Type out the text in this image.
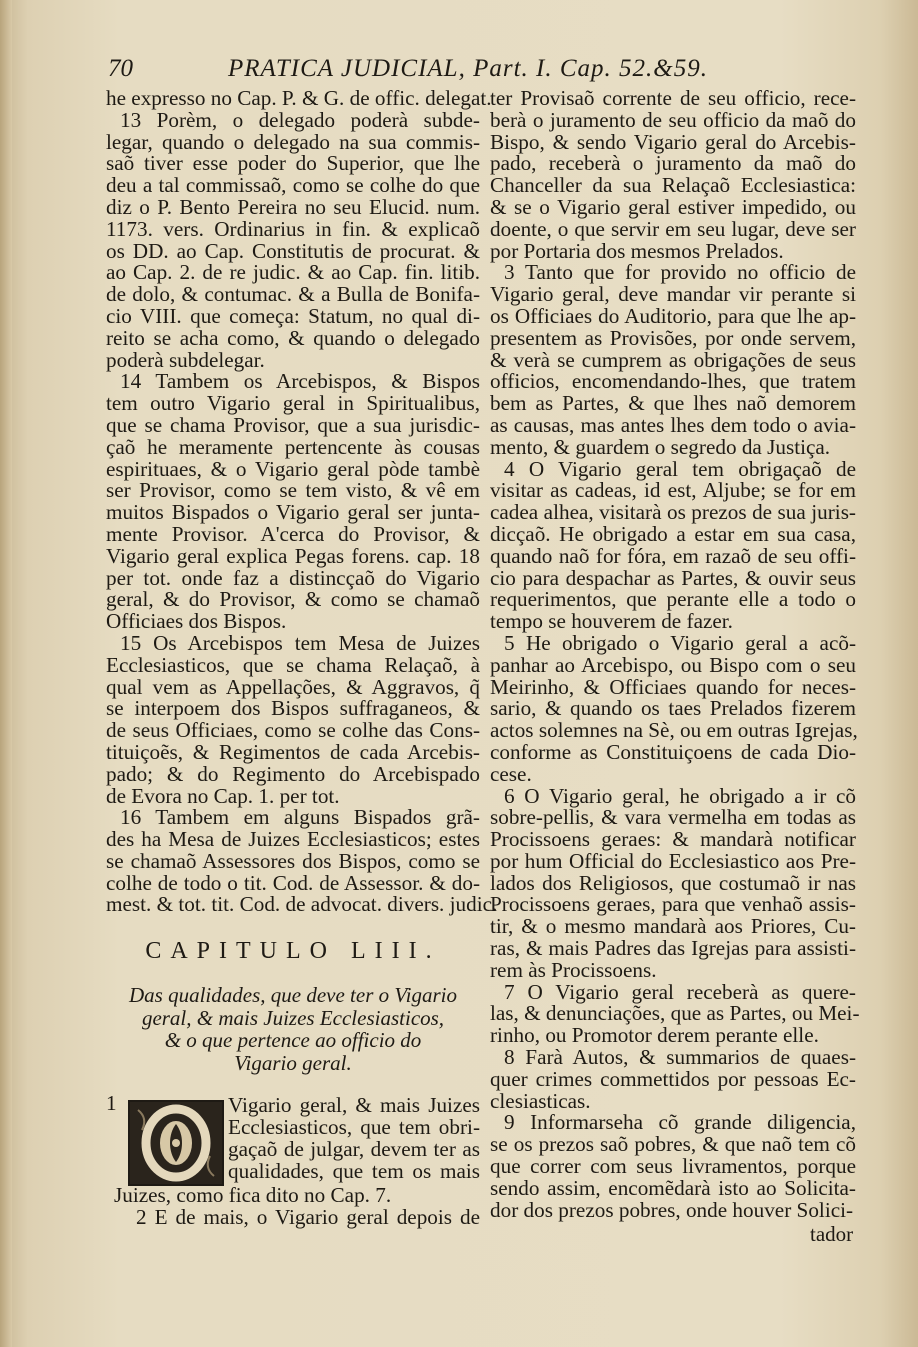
70	PRATICA JUDICIAL, Part. I. Cap. 52.&59.
he expresso no Cap. P. & G. de offic. delegat.
13 Porèm, o delegado poderà subde-
legar, quando o delegado na sua commis-
saõ tiver esse poder do Superior, que lhe
deu a tal commissaõ, como se colhe do que
diz o P. Bento Pereira no seu Elucid. num.
1173. vers. Ordinarius in fin. & explicaõ
os DD. ao Cap. Constitutis de procurat. &
ao Cap. 2. de re judic. & ao Cap. fin. litib.
de dolo, & contumac. & a Bulla de Bonifa-
cio VIII. que começa: Statum, no qual di-
reito se acha como, & quando o delegado
poderà subdelegar.
14 Tambem os Arcebispos, & Bispos
tem outro Vigario geral in Spiritualibus,
que se chama Provisor, que a sua jurisdic-
çaõ he meramente pertencente às cousas
espirituaes, & o Vigario geral pòde tambè
ser Provisor, como se tem visto, & vê em
muitos Bispados o Vigario geral ser junta-
mente Provisor. A'cerca do Provisor, &
Vigario geral explica Pegas forens. cap. 18
per tot. onde faz a distincçaõ do Vigario
geral, & do Provisor, & como se chamaõ
Officiaes dos Bispos.
15 Os Arcebispos tem Mesa de Juizes
Ecclesiasticos, que se chama Relaçaõ, à
qual vem as Appellações, & Aggravos, q̃
se interpoem dos Bispos suffraganeos, &
de seus Officiaes, como se colhe das Cons-
tituiçoẽs, & Regimentos de cada Arcebis-
pado; & do Regimento do Arcebispado
de Evora no Cap. 1. per tot.
16 Tambem em alguns Bispados grã-
des ha Mesa de Juizes Ecclesiasticos; estes
se chamaõ Assessores dos Bispos, como se
colhe de todo o tit. Cod. de Assessor. & do-
mest. & tot. tit. Cod. de advocat. divers. judic.
CAPITULO LIII.
Das qualidades, que deve ter o Vigario
geral, & mais Juizes Ecclesiasticos,
& o que pertence ao officio do
Vigario geral.
1	Vigario geral, & mais Juizes
Ecclesiasticos, que tem obri-
gaçaõ de julgar, devem ter as
qualidades, que tem os mais
Juizes, como fica dito no Cap. 7.
2 E de mais, o Vigario geral depois de
ter Provisaõ corrente de seu officio, rece-
berà o juramento de seu officio da maõ do
Bispo, & sendo Vigario geral do Arcebis-
pado, receberà o juramento da maõ do
Chanceller da sua Relaçaõ Ecclesiastica:
& se o Vigario geral estiver impedido, ou
doente, o que servir em seu lugar, deve ser
por Portaria dos mesmos Prelados.
3 Tanto que for provido no officio de
Vigario geral, deve mandar vir perante si
os Officiaes do Auditorio, para que lhe ap-
presentem as Provisões, por onde servem,
& verà se cumprem as obrigações de seus
officios, encomendando-lhes, que tratem
bem as Partes, & que lhes naõ demorem
as causas, mas antes lhes dem todo o avia-
mento, & guardem o segredo da Justiça.
4 O Vigario geral tem obrigaçaõ de
visitar as cadeas, id est, Aljube; se for em
cadea alhea, visitarà os prezos de sua juris-
dicçaõ. He obrigado a estar em sua casa,
quando naõ for fóra, em razaõ de seu offi-
cio para despachar as Partes, & ouvir seus
requerimentos, que perante elle a todo o
tempo se houverem de fazer.
5 He obrigado o Vigario geral a acõ-
panhar ao Arcebispo, ou Bispo com o seu
Meirinho, & Officiaes quando for neces-
sario, & quando os taes Prelados fizerem
actos solemnes na Sè, ou em outras Igrejas,
conforme as Constituiçoens de cada Dio-
cese.
6 O Vigario geral, he obrigado a ir cõ
sobre-pellis, & vara vermelha em todas as
Procissoens geraes: & mandarà notificar
por hum Official do Ecclesiastico aos Pre-
lados dos Religiosos, que costumaõ ir nas
Procissoens geraes, para que venhaõ assis-
tir, & o mesmo mandarà aos Priores, Cu-
ras, & mais Padres das Igrejas para assisti-
rem às Procissoens.
7 O Vigario geral receberà as quere-
las, & denunciações, que as Partes, ou Mei-
rinho, ou Promotor derem perante elle.
8 Farà Autos, & summarios de quaes-
quer crimes commettidos por pessoas Ec-
clesiasticas.
9 Informarseha cõ grande diligencia,
se os prezos saõ pobres, & que naõ tem cõ
que correr com seus livramentos, porque
sendo assim, encomẽdarà isto ao Solicita-
dor dos prezos pobres, onde houver Solici-
tador
